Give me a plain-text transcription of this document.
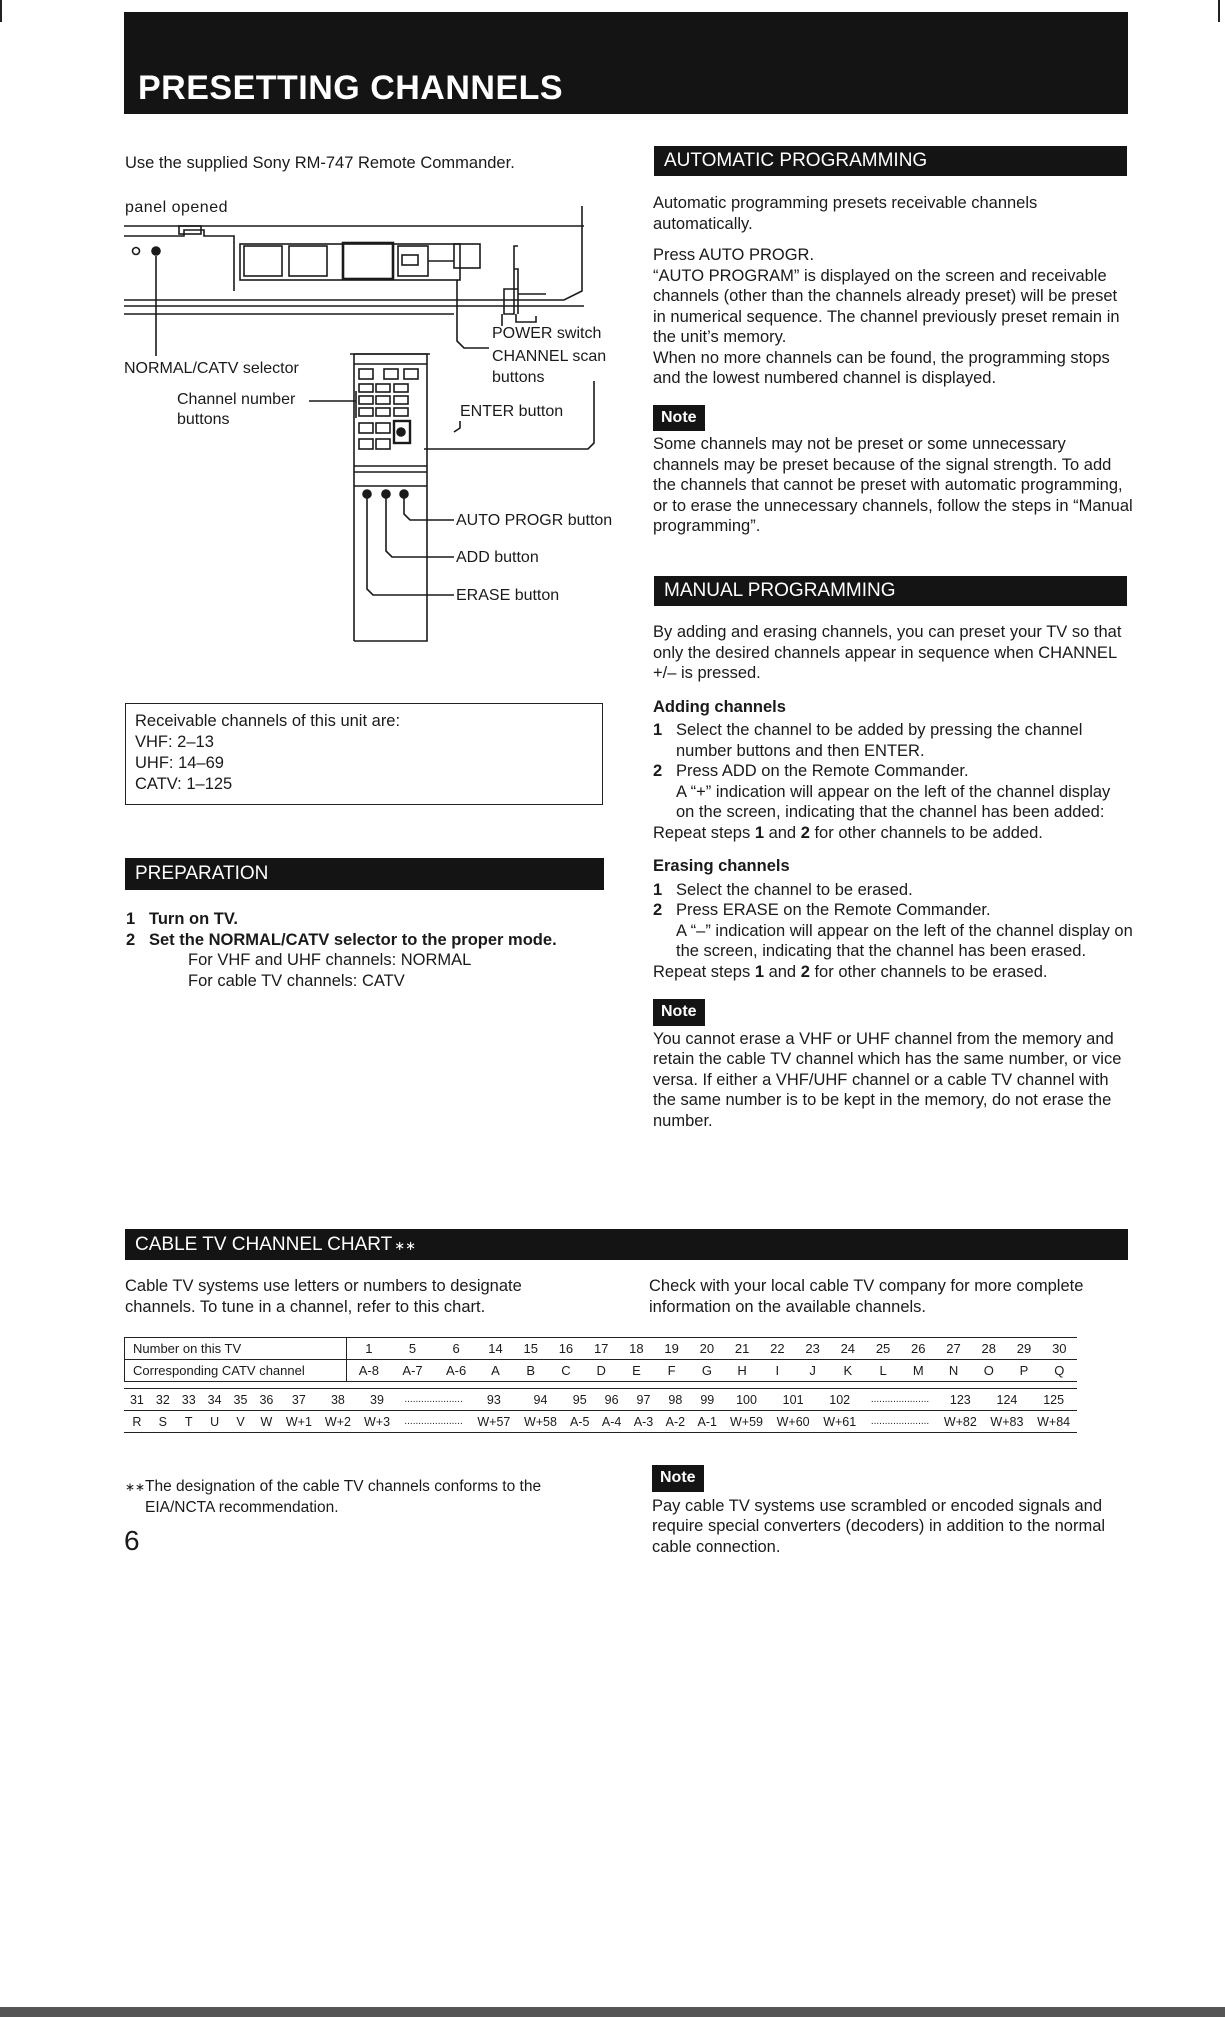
PRESETTING CHANNELS
Use the supplied Sony RM-747 Remote Commander.
panel opened
POWER switch
CHANNEL scan
buttons
NORMAL/CATV selector
Channel number
buttons	ENTER button
AUTO PROGR button
ADD button
ERASE button
Receivable channels of this unit are:
VHF: 2–13
UHF: 14–69
CATV: 1–125
PREPARATION
1 Turn on TV.
2 Set the NORMAL/CATV selector to the proper mode.
For VHF and UHF channels: NORMAL
For cable TV channels: CATV
AUTOMATIC PROGRAMMING
Automatic programming presets receivable channels automatically.
Press AUTO PROGR.
“AUTO PROGRAM” is displayed on the screen and receivable channels (other than the channels already preset) will be preset in numerical sequence. The channel previously preset remain in the unit’s memory.
When no more channels can be found, the programming stops and the lowest numbered channel is displayed.
Note
Some channels may not be preset or some unnecessary channels may be preset because of the signal strength. To add the channels that cannot be preset with automatic programming, or to erase the unnecessary channels, follow the steps in “Manual programming”.
MANUAL PROGRAMMING
By adding and erasing channels, you can preset your TV so that only the desired channels appear in sequence when CHANNEL +/– is pressed.
Adding channels
1 Select the channel to be added by pressing the channel number buttons and then ENTER.
2 Press ADD on the Remote Commander.
A “+” indication will appear on the left of the channel display on the screen, indicating that the channel has been added:
Repeat steps 1 and 2 for other channels to be added.
Erasing channels
1 Select the channel to be erased.
2 Press ERASE on the Remote Commander.
A “–” indication will appear on the left of the channel display on the screen, indicating that the channel has been erased.
Repeat steps 1 and 2 for other channels to be erased.
Note
You cannot erase a VHF or UHF channel from the memory and retain the cable TV channel which has the same number, or vice versa. If either a VHF/UHF channel or a cable TV channel with the same number is to be kept in the memory, do not erase the number.
CABLE TV CHANNEL CHART ∗∗
Cable TV systems use letters or numbers to designate channels. To tune in a channel, refer to this chart.
Check with your local cable TV company for more complete information on the available channels.
Number on this TV	1	5	6	14	15	16	17	18	19	20	21	22	23	24	25	26	27	28	29	30
Corresponding CATV channel	A-8	A-7	A-6	A	B	C	D	E	F	G	H	I	J	K	L	M	N	O	P	Q
31	32	33	34	35	36	37	38	39	.....................	93	94	95	96	97	98	99	100	101	102	.....................	123	124	125
R	S	T	U	V	W	W+1	W+2	W+3	.....................	W+57	W+58	A-5	A-4	A-3	A-2	A-1	W+59	W+60	W+61	.....................	W+82	W+83	W+84
∗∗ The designation of the cable TV channels conforms to the EIA/NCTA recommendation.
6
Note
Pay cable TV systems use scrambled or encoded signals and require special converters (decoders) in addition to the normal cable connection.
